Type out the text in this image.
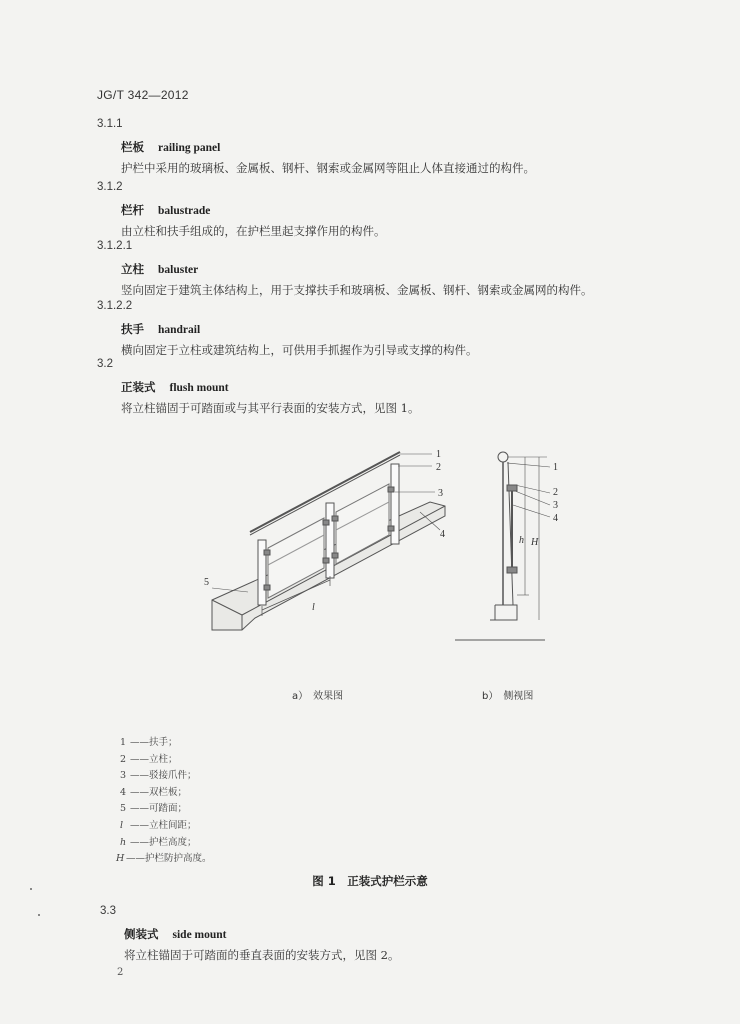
JG/T 342—2012
3.1.1
栏板 railing panel
护栏中采用的玻璃板、金属板、钢杆、钢索或金属网等阻止人体直接通过的构件。
3.1.2
栏杆 balustrade
由立柱和扶手组成的，在护栏里起支撑作用的构件。
3.1.2.1
立柱 baluster
竖向固定于建筑主体结构上，用于支撑扶手和玻璃板、金属板、钢杆、钢索或金属网的构件。
3.1.2.2
扶手 handrail
横向固定于立柱或建筑结构上，可供用手抓握作为引导或支撑的构件。
3.2
正装式 flush mount
将立柱锚固于可踏面或与其平行表面的安装方式，见图 1。
1
2
3
4
5
l
1
2
3
4
h H
a）　效果图	b）　侧视图
1 ——扶手；
2 ——立柱；
3 ——驳接爪件；
4 ——双栏板；
5 ——可踏面；
l ——立柱间距；
h ——护栏高度；
H ——护栏防护高度。
图 1　正装式护栏示意
3.3
侧装式 side mount
将立柱锚固于可踏面的垂直表面的安装方式，见图 2。
2
